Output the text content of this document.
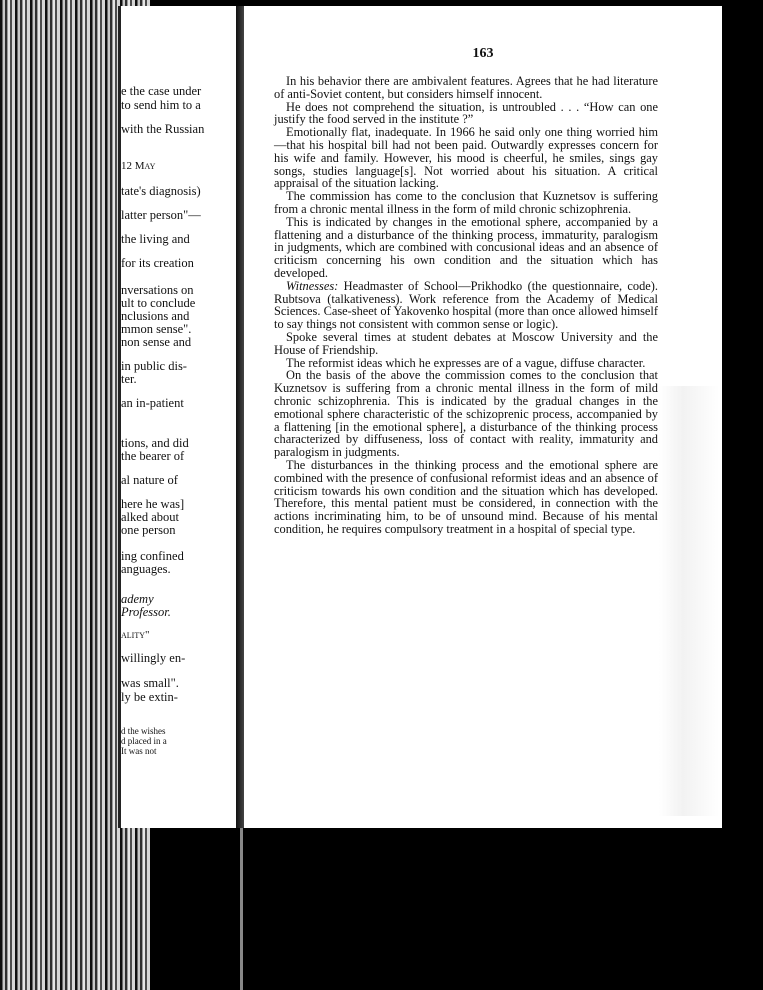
e the case under
to send him to a
with the Russian
12 May
tate's diagnosis)
latter person"—
the living and
for its creation
nversations on
ult to conclude
nclusions and
mmon sense".
non sense and
in public dis-
ter.
an in-patient
tions, and did
the bearer of
al nature of
here he was]
alked about
one person
ing confined
anguages.
ademy
Professor.
ality"
willingly en-
was small".
ly be extin-
d the wishes
d placed in a
It was not
163

In his behavior there are ambivalent features. Agrees that he had literature of anti-Soviet content, but considers himself innocent.

He does not comprehend the situation, is untroubled . . . “How can one justify the food served in the institute ?”

Emotionally flat, inadequate. In 1966 he said only one thing worried him—that his hospital bill had not been paid. Outwardly expresses concern for his wife and family. However, his mood is cheerful, he smiles, sings gay songs, studies language[s]. Not worried about his situation. A critical appraisal of the situation lacking.

The commission has come to the conclusion that Kuznetsov is suffering from a chronic mental illness in the form of mild chronic schizophrenia.

This is indicated by changes in the emotional sphere, accompanied by a flattening and a disturbance of the thinking process, immaturity, paralogism in judgments, which are combined with concusional ideas and an absence of criticism concerning his own condition and the situation which has developed.

Witnesses: Headmaster of School—Prikhodko (the questionnaire, code). Rubtsova (talkativeness). Work reference from the Academy of Medical Sciences. Case-sheet of Yakovenko hospital (more than once allowed himself to say things not consistent with common sense or logic).

Spoke several times at student debates at Moscow University and the House of Friendship.

The reformist ideas which he expresses are of a vague, diffuse character.

On the basis of the above the commission comes to the conclusion that Kuznetsov is suffering from a chronic mental illness in the form of mild chronic schizophrenia. This is indicated by the gradual changes in the emotional sphere characteristic of the schizoprenic process, accompanied by a flattening [in the emotional sphere], a disturbance of the thinking process characterized by diffuseness, loss of contact with reality, immaturity and paralogism in judgments.

The disturbances in the thinking process and the emotional sphere are combined with the presence of confusional reformist ideas and an absence of criticism towards his own condition and the situation which has developed. Therefore, this mental patient must be considered, in connection with the actions incriminating him, to be of unsound mind. Because of his mental condition, he requires compulsory treatment in a hospital of special type.
